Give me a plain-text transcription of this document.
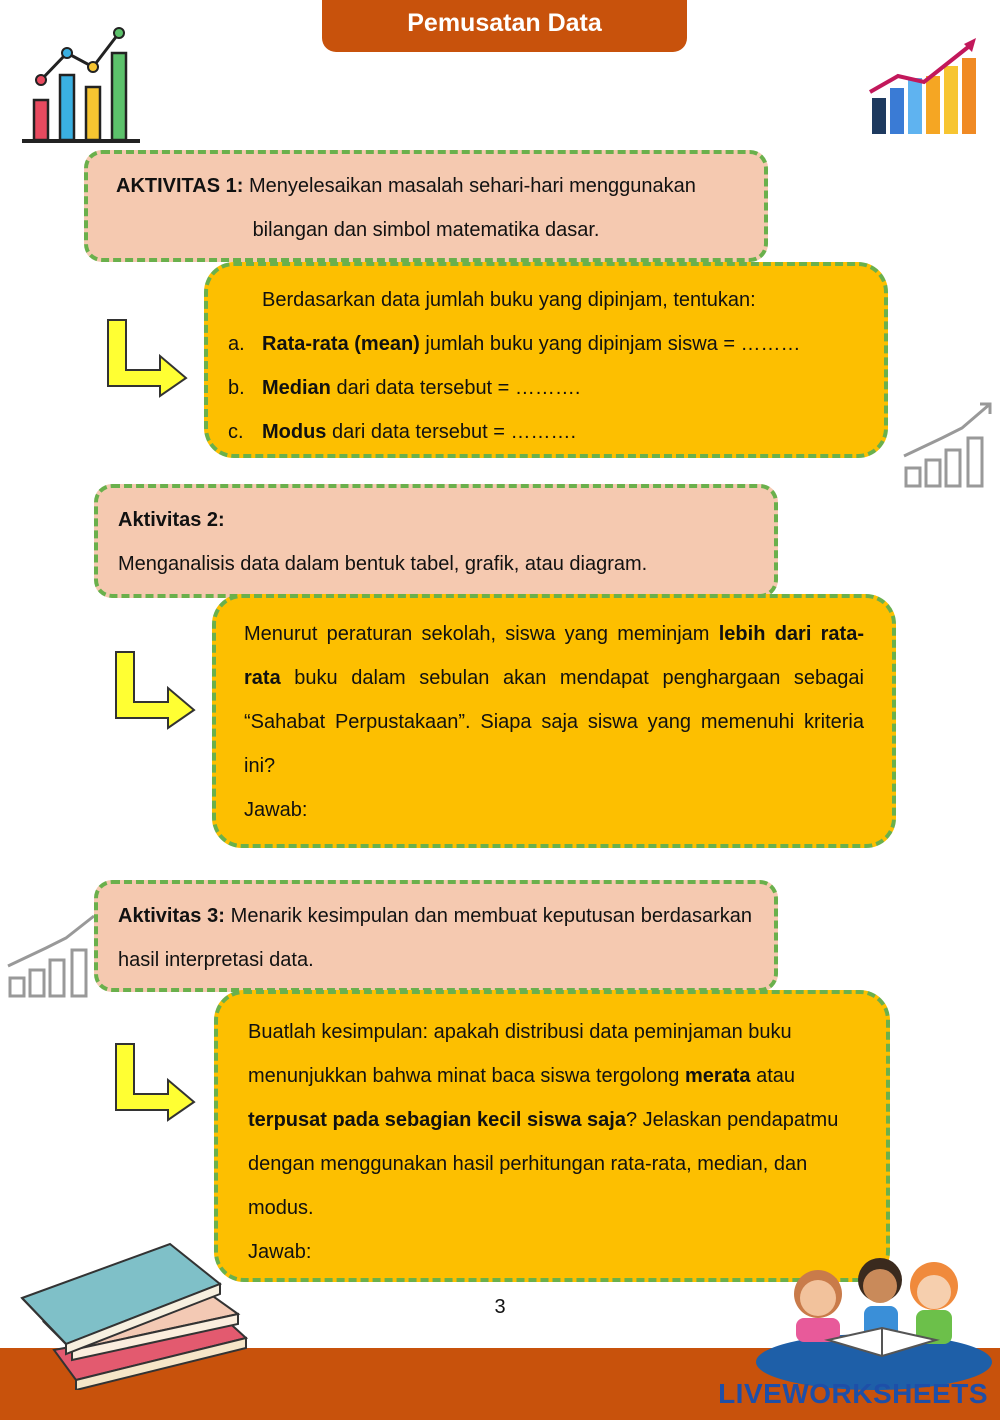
Pemusatan Data
AKTIVITAS 1: Menyelesaikan masalah sehari-hari menggunakan
bilangan dan simbol matematika dasar.
Berdasarkan data jumlah buku yang dipinjam, tentukan:
a. Rata-rata (mean) jumlah buku yang dipinjam siswa = ………
b. Median dari data tersebut = ……….
c. Modus dari data tersebut = ……….
Aktivitas 2:
Menganalisis data dalam bentuk tabel, grafik, atau diagram.
Menurut peraturan sekolah, siswa yang meminjam lebih dari rata-rata buku dalam sebulan akan mendapat penghargaan sebagai “Sahabat Perpustakaan”. Siapa saja siswa yang memenuhi kriteria ini?
Jawab:
Aktivitas 3: Menarik kesimpulan dan membuat keputusan berdasarkan hasil interpretasi data.
Buatlah kesimpulan: apakah distribusi data peminjaman buku menunjukkan bahwa minat baca siswa tergolong merata atau terpusat pada sebagian kecil siswa saja? Jelaskan pendapatmu dengan menggunakan hasil perhitungan rata-rata, median, dan modus.
Jawab:
3
LIVEWORKSHEETS
